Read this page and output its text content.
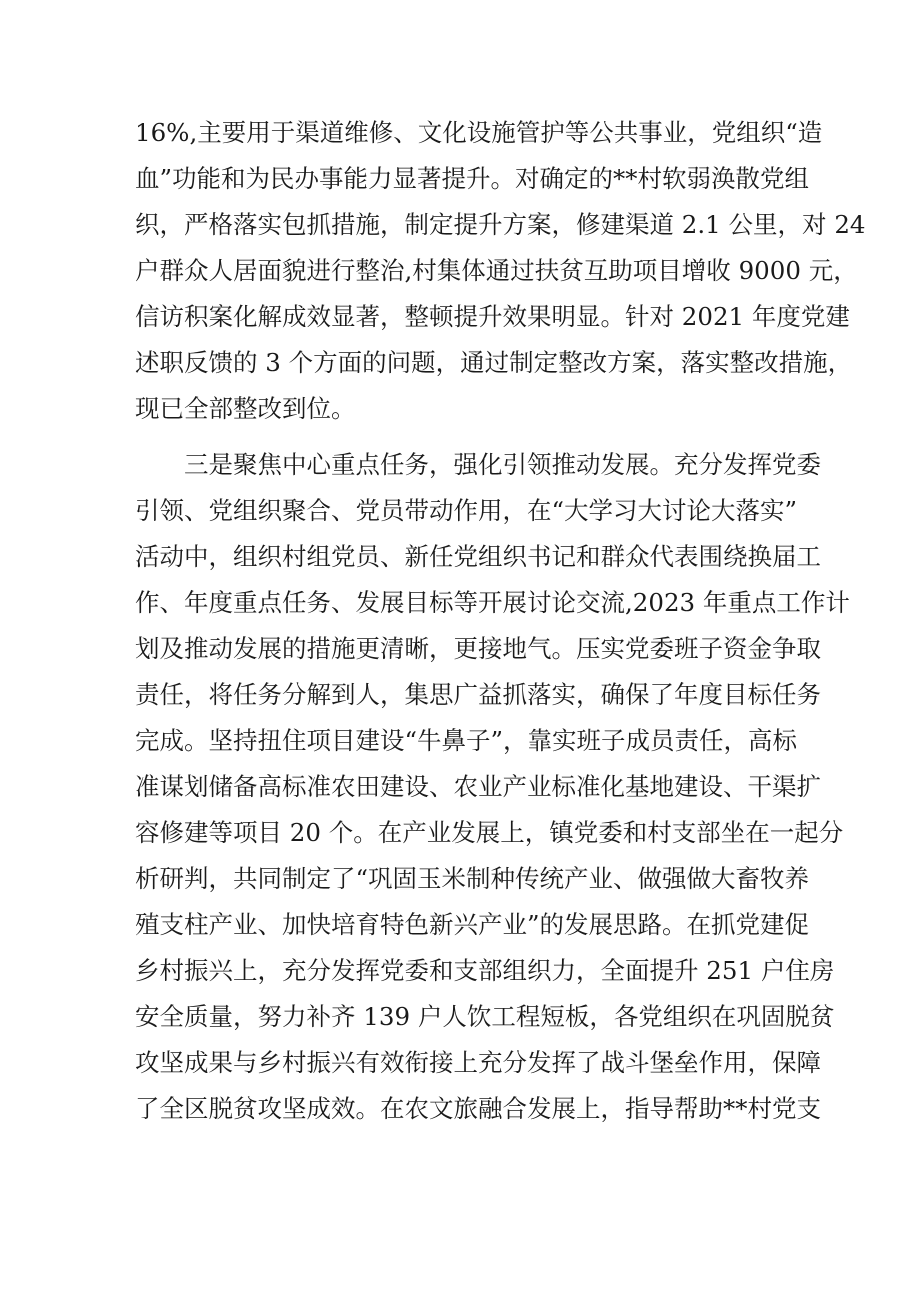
16%,主要用于渠道维修、文化设施管护等公共事业，党组织“造
血”功能和为民办事能力显著提升。对确定的**村软弱涣散党组
织，严格落实包抓措施，制定提升方案，修建渠道 2.1 公里，对 24
户群众人居面貌进行整治,村集体通过扶贫互助项目增收 9000 元，
信访积案化解成效显著，整顿提升效果明显。针对 2021 年度党建
述职反馈的 3 个方面的问题，通过制定整改方案，落实整改措施，
现已全部整改到位。
三是聚焦中心重点任务，强化引领推动发展。充分发挥党委
引领、党组织聚合、党员带动作用，在“大学习大讨论大落实”
活动中，组织村组党员、新任党组织书记和群众代表围绕换届工
作、年度重点任务、发展目标等开展讨论交流,2023 年重点工作计
划及推动发展的措施更清晰，更接地气。压实党委班子资金争取
责任，将任务分解到人，集思广益抓落实，确保了年度目标任务
完成。坚持扭住项目建设“牛鼻子”，靠实班子成员责任，高标
准谋划储备高标准农田建设、农业产业标准化基地建设、干渠扩
容修建等项目 20 个。在产业发展上，镇党委和村支部坐在一起分
析研判，共同制定了“巩固玉米制种传统产业、做强做大畜牧养
殖支柱产业、加快培育特色新兴产业”的发展思路。在抓党建促
乡村振兴上，充分发挥党委和支部组织力，全面提升 251 户住房
安全质量，努力补齐 139 户人饮工程短板，各党组织在巩固脱贫
攻坚成果与乡村振兴有效衔接上充分发挥了战斗堡垒作用，保障
了全区脱贫攻坚成效。在农文旅融合发展上，指导帮助**村党支
